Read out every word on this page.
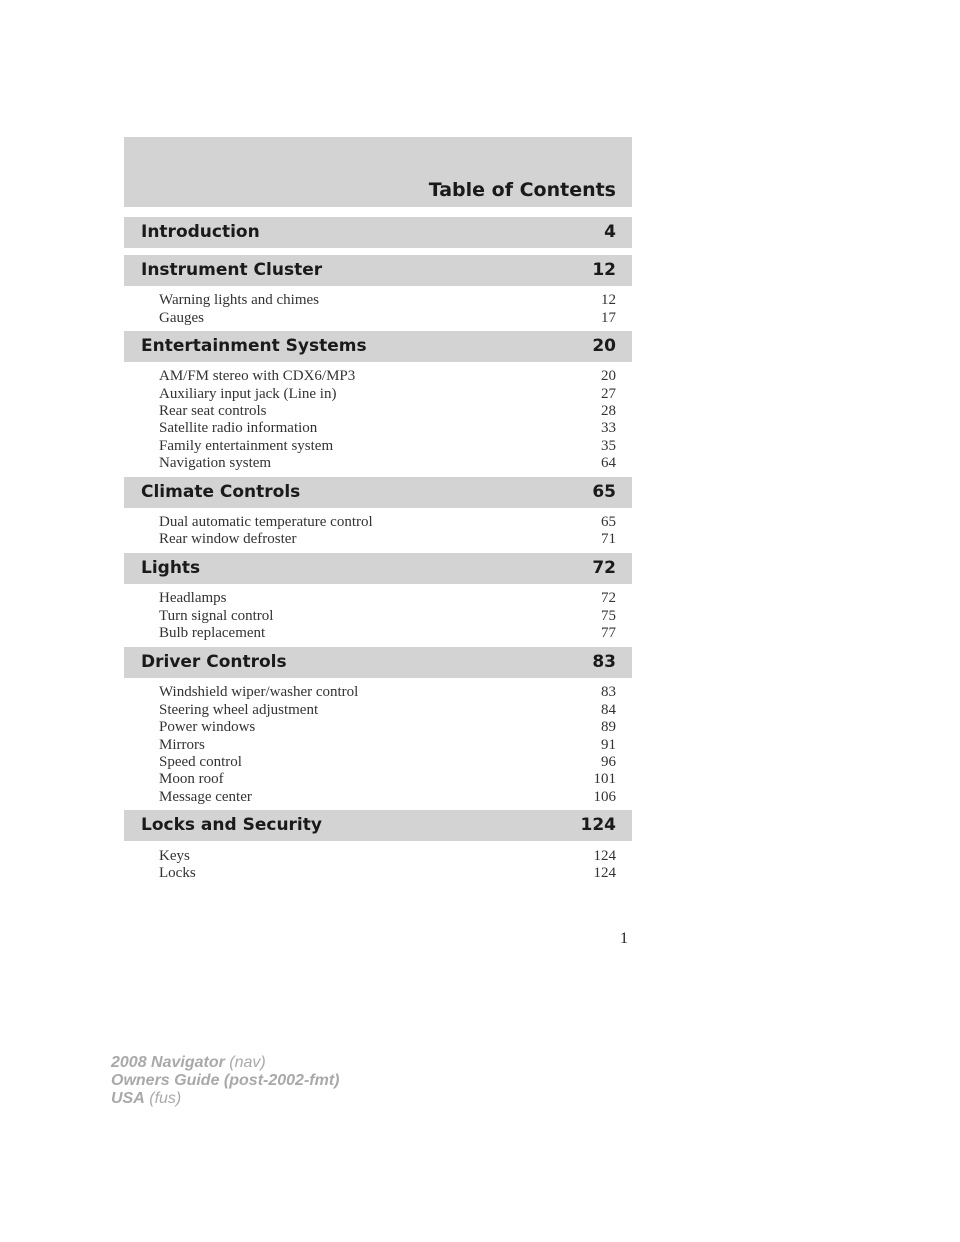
Table of Contents
Introduction	4
Instrument Cluster	12
Warning lights and chimes	12
Gauges	17
Entertainment Systems	20
AM/FM stereo with CDX6/MP3	20
Auxiliary input jack (Line in)	27
Rear seat controls	28
Satellite radio information	33
Family entertainment system	35
Navigation system	64
Climate Controls	65
Dual automatic temperature control	65
Rear window defroster	71
Lights	72
Headlamps	72
Turn signal control	75
Bulb replacement	77
Driver Controls	83
Windshield wiper/washer control	83
Steering wheel adjustment	84
Power windows	89
Mirrors	91
Speed control	96
Moon roof	101
Message center	106
Locks and Security	124
Keys	124
Locks	124
1
2008 Navigator (nav)
Owners Guide (post-2002-fmt)
USA (fus)
